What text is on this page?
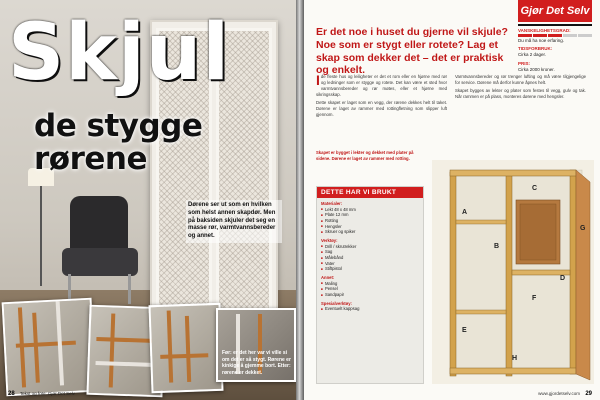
Skjul
de stygge
rørene
Dørene ser ut som en hvilken som helst annen skapdør. Men på baksiden skjuler det seg en masse rør, varmtvannsbereder og annet.
Før: er det her var vi ville si om det er så stygt. Rørene er kinkige å gjemme bort. Etter: rørene er dekket.
28 Tekst og foto: Gjør Det Selv
Gjør Det Selv
VANSKELIGHETSGRAD:
Du må ha noe erfaring.
TIDSFORBRUK:
Cirka 2 dager.
PRIS:
Cirka 2000 kroner.

Er det noe i huset du gjerne vil skjule? Noe som er stygt eller rotete? Lag et skap som dekker det – det er praktisk og enkelt.

Ide fleste hus og leiligheter er det et rom eller en hjørne med rør og ledninger som er stygge og rotete. Det kan være et sted hvor varmtvannsbereder og rør møtes, eller et hjørne med sikringsskap.

Dette skapet er laget som en vegg, der rørene dekkes helt til taket. Dørene er laget av rammer med rottingfletning som slipper luft gjennom.

Varmtvannsbereder og rør trenger lufting og må være tilgjengelige for service. Dørene må derfor kunne åpnes helt.

Skapet bygges av lekter og plater som festes til vegg, gulv og tak. Når rammen er på plass, monteres dørene med hengsler.

Skapet er bygget i lekter og dekket med plater på sidene. Dørene er laget av rammer med rotting.
DETTE HAR VI BRUKT
Materialer:
■ Lekt 48 x 48 mm
■ Plate 12 mm
■ Rotting
■ Hengsler
■ Skruer og spiker
Verktøy:
■ Drill / skrutrekker
■ Sag
■ Målebånd
■ Vater
■ Stiftpistol
Annet:
■ Maling
■ Pensel
■ Sandpapir
Spesialverktøy:
■ Eventuelt kappsag
A
B
C
D
E
F
G
H
www.gjordetselv.com 29
